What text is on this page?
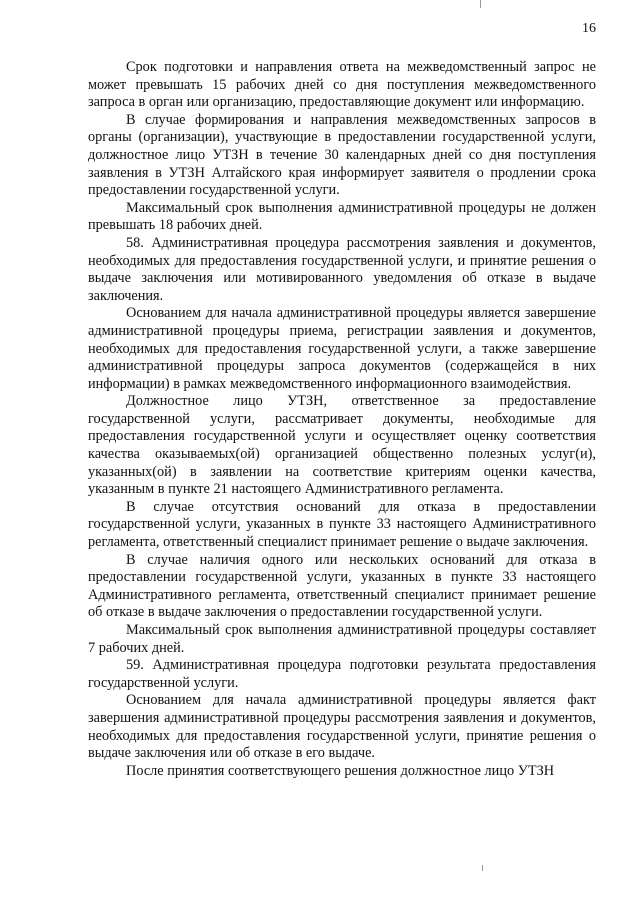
16

Срок подготовки и направления ответа на межведомственный запрос не может превышать 15 рабочих дней со дня поступления межведомственного запроса в орган или организацию, предоставляющие документ или информацию.

В случае формирования и направления межведомственных запросов в органы (организации), участвующие в предоставлении государственной услуги, должностное лицо УТЗН в течение 30 календарных дней со дня поступления заявления в УТЗН Алтайского края информирует заявителя о продлении срока предоставлении государственной услуги.

Максимальный срок выполнения административной процедуры не должен превышать 18 рабочих дней.

58. Административная процедура рассмотрения заявления и документов, необходимых для предоставления государственной услуги, и принятие решения о выдаче заключения или мотивированного уведомления об отказе в выдаче заключения.

Основанием для начала административной процедуры является завершение административной процедуры приема, регистрации заявления и документов, необходимых для предоставления государственной услуги, а также завершение административной процедуры запроса документов (содержащейся в них информации) в рамках межведомственного информационного взаимодействия.

Должностное лицо УТЗН, ответственное за предоставление государственной услуги, рассматривает документы, необходимые для предоставления государственной услуги и осуществляет оценку соответствия качества оказываемых(ой) организацией общественно полезных услуг(и), указанных(ой) в заявлении на соответствие критериям оценки качества, указанным в пункте 21 настоящего Административного регламента.

В случае отсутствия оснований для отказа в предоставлении государственной услуги, указанных в пункте 33 настоящего Административного регламента, ответственный специалист принимает решение о выдаче заключения.

В случае наличия одного или нескольких оснований для отказа в предоставлении государственной услуги, указанных в пункте 33 настоящего Административного регламента, ответственный специалист принимает решение об отказе в выдаче заключения о предоставлении государственной услуги.

Максимальный срок выполнения административной процедуры составляет 7 рабочих дней.

59. Административная процедура подготовки результата предоставления государственной услуги.

Основанием для начала административной процедуры является факт завершения административной процедуры рассмотрения заявления и документов, необходимых для предоставления государственной услуги, принятие решения о выдаче заключения или об отказе в его выдаче.

После принятия соответствующего решения должностное лицо УТЗН
